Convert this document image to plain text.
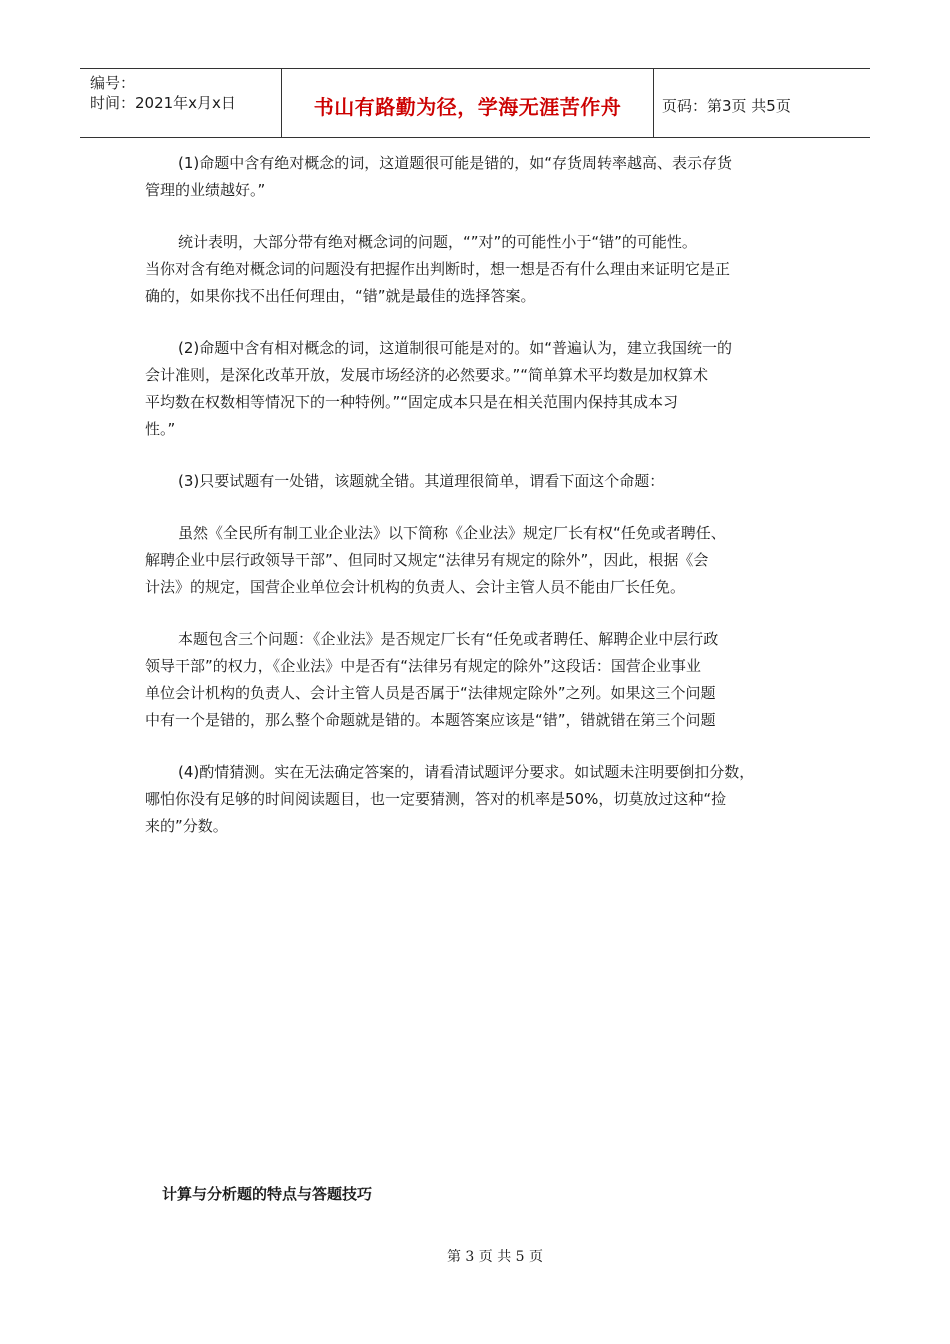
编号：
时间：2021年x月x日	书山有路勤为径，学海无涯苦作舟	页码：第3页 共5页
(1)命题中含有绝对概念的词，这道题很可能是错的，如“存货周转率越高、表示存货
管理的业绩越好。”
统计表明，大部分带有绝对概念词的问题，“”对”的可能性小于“错”的可能性。
当你对含有绝对概念词的问题没有把握作出判断时，想一想是否有什么理由来证明它是正
确的，如果你找不出任何理由，“错”就是最佳的选择答案。
(2)命题中含有相对概念的词，这道制很可能是对的。如“普遍认为，建立我国统一的
会计准则，是深化改革开放，发展市场经济的必然要求。”“简单算术平均数是加权算术
平均数在权数相等情况下的一种特例。”“固定成本只是在相关范围内保持其成本习
性。”
(3)只要试题有一处错，该题就全错。其道理很简单，谓看下面这个命题：
虽然《全民所有制工业企业法》以下简称《企业法》规定厂长有权“任免或者聘任、
解聘企业中层行政领导干部”、但同时又规定“法律另有规定的除外”，因此，根据《会
计法》的规定，国营企业单位会计机构的负责人、会计主管人员不能由厂长任免。
本题包含三个问题：《企业法》是否规定厂长有“任免或者聘任、解聘企业中层行政
领导干部”的权力，《企业法》中是否有“法律另有规定的除外”这段话：国营企业事业
单位会计机构的负责人、会计主管人员是否属于“法律规定除外”之列。如果这三个问题
中有一个是错的，那么整个命题就是错的。本题答案应该是“错”，错就错在第三个问题
(4)酌情猜测。实在无法确定答案的，请看清试题评分要求。如试题未注明要倒扣分数，
哪怕你没有足够的时间阅读题目，也一定要猜测，答对的机率是50%，切莫放过这种“捡
来的”分数。
计算与分析题的特点与答题技巧
第 3 页 共 5 页
